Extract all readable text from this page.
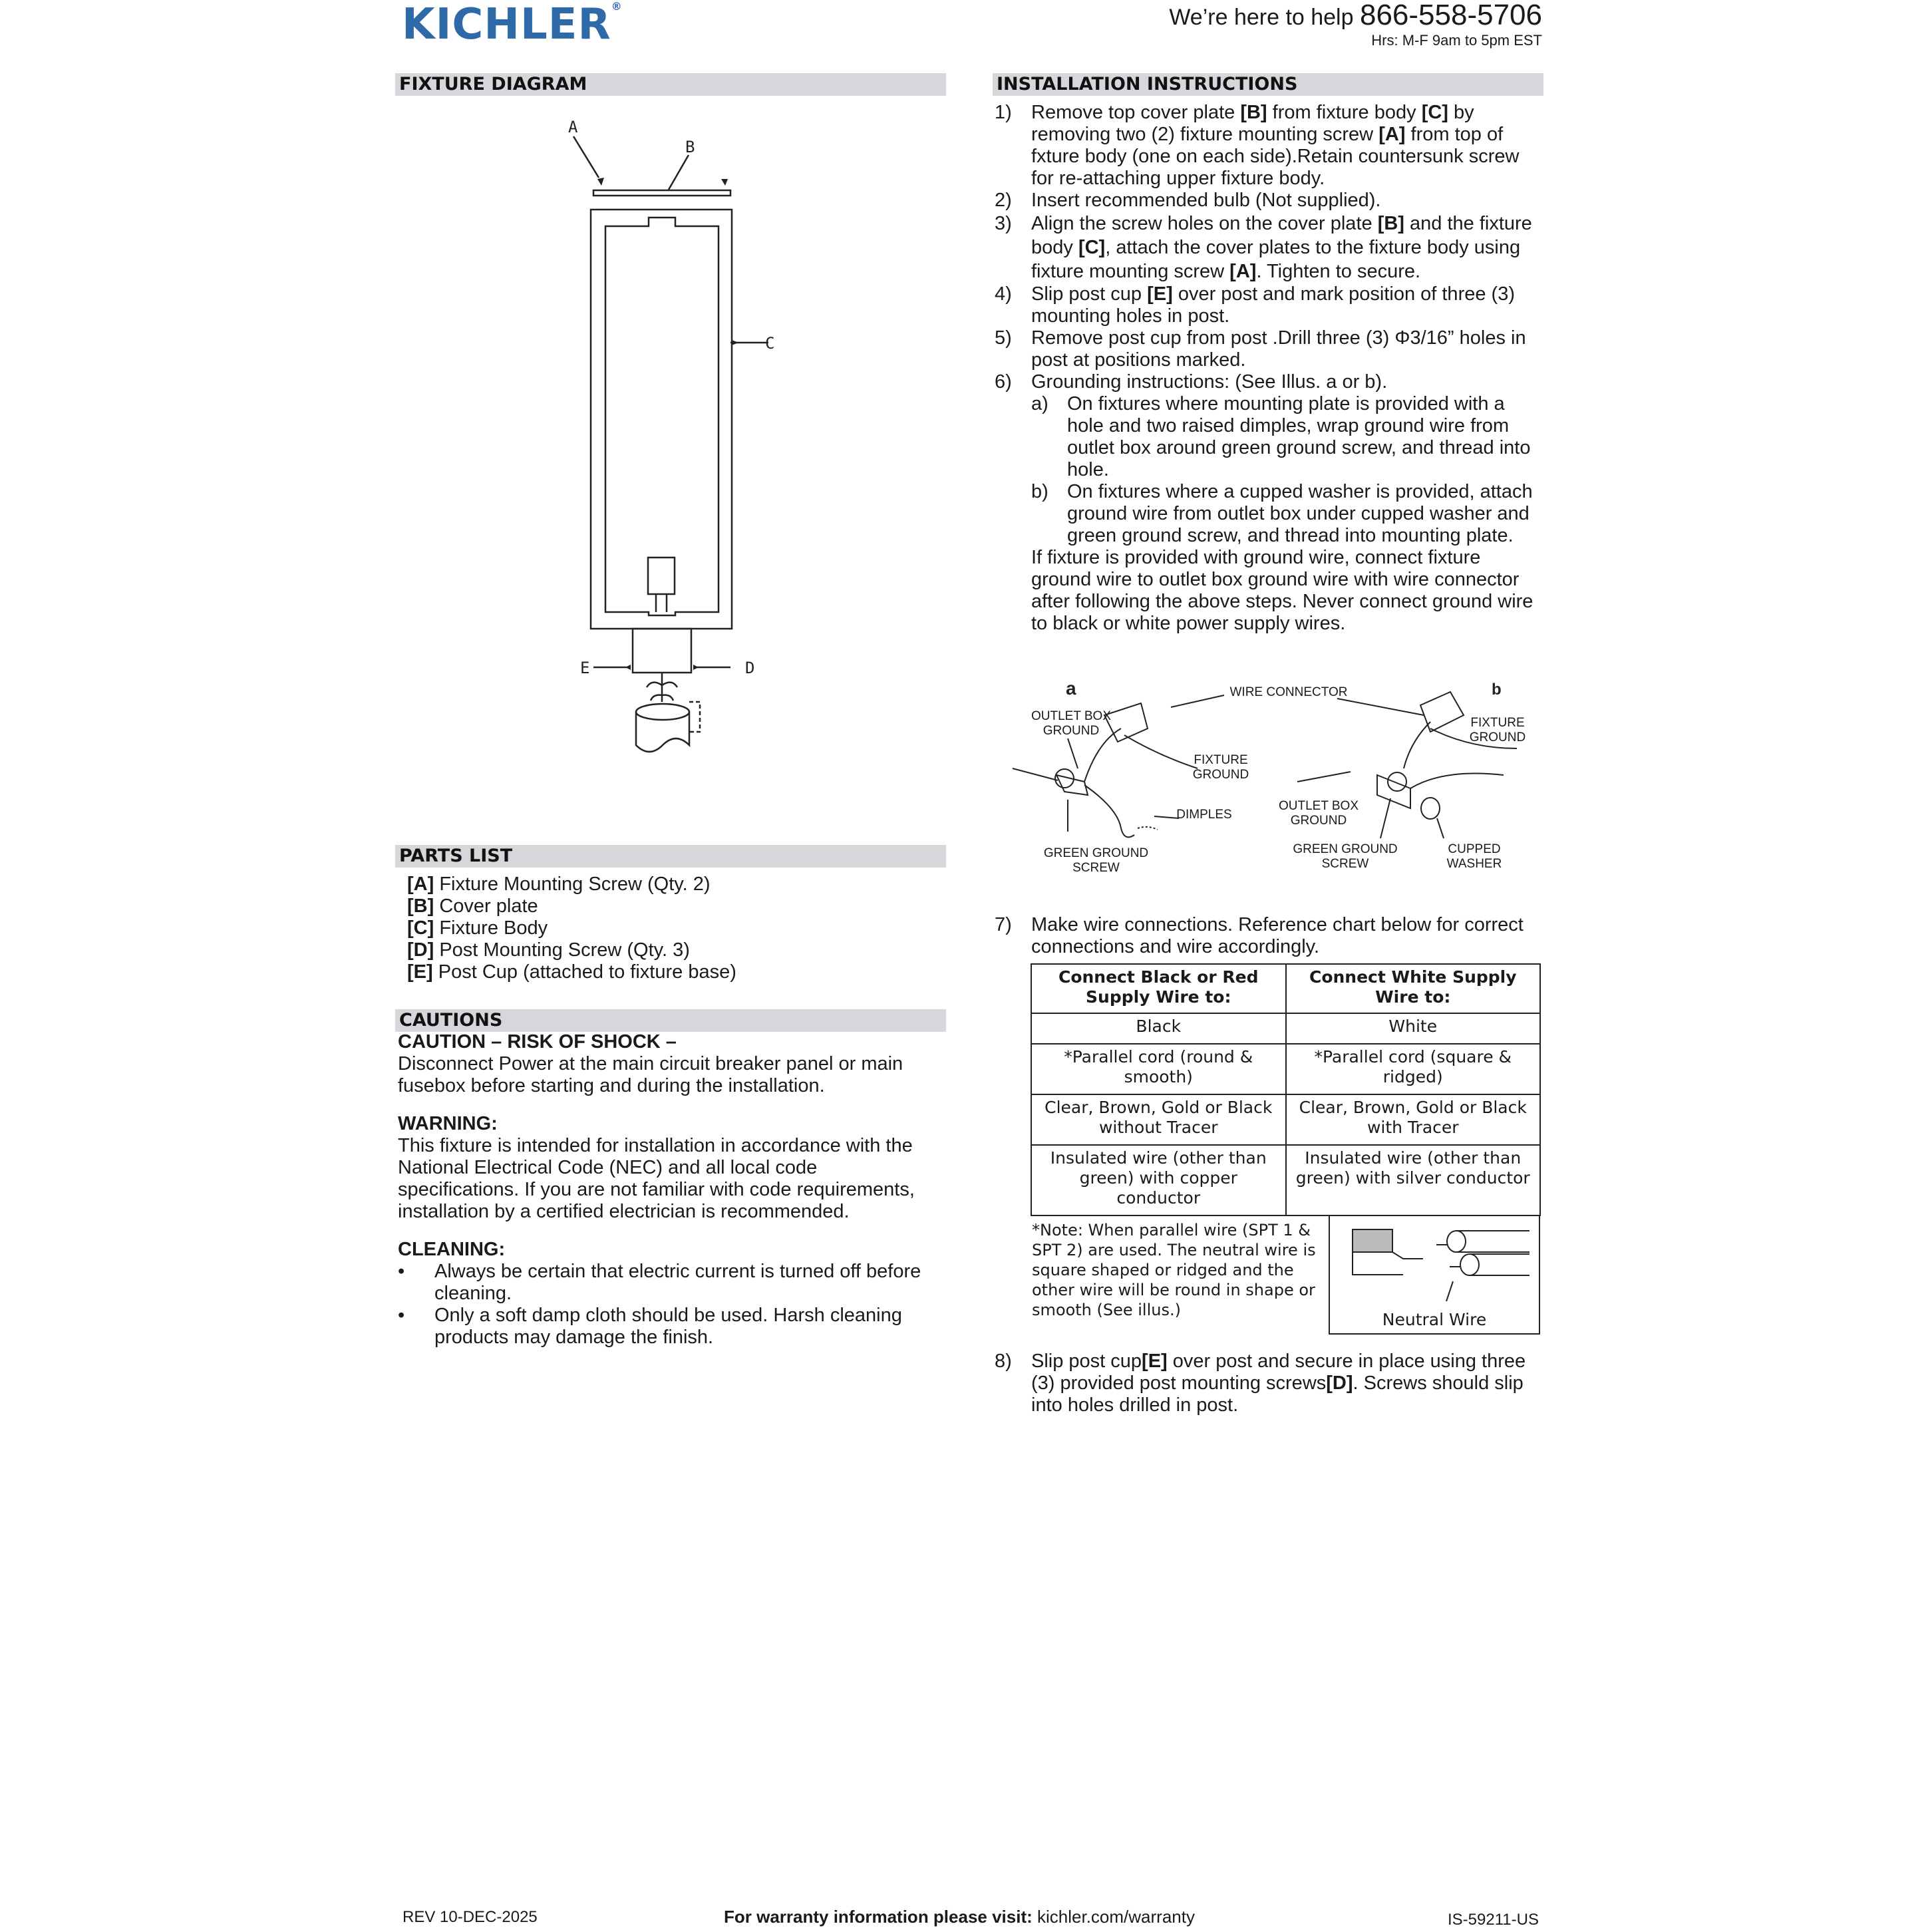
KICHLER®	We’re here to help 866-558-5706
Hrs: M-F 9am to 5pm EST
FIXTURE DIAGRAM
A
B
C
E	D
PARTS LIST
[A] Fixture Mounting Screw (Qty. 2)
[B] Cover plate
[C] Fixture Body
[D] Post Mounting Screw (Qty. 3)
[E] Post Cup (attached to fixture base)
CAUTIONS
CAUTION – RISK OF SHOCK –
Disconnect Power at the main circuit breaker panel or main fusebox before starting and during the installation.
WARNING:
This fixture is intended for installation in accordance with the National Electrical Code (NEC) and all local code specifications. If you are not familiar with code requirements, installation by a certified electrician is recommended.
CLEANING:
• Always be certain that electric current is turned off before cleaning.
• Only a soft damp cloth should be used. Harsh cleaning products may damage the finish.
INSTALLATION INSTRUCTIONS
1) Remove top cover plate [B] from fixture body [C] by removing two (2) fixture mounting screw [A] from top of fxture body (one on each side).Retain countersunk screw for re-attaching upper fixture body.
2) Insert recommended bulb (Not supplied).
3) Align the screw holes on the cover plate [B] and the fixture body [C], attach the cover plates to the fixture body using fixture mounting screw [A]. Tighten to secure.
4) Slip post cup [E] over post and mark position of three (3) mounting holes in post.
5) Remove post cup from post .Drill three (3) Φ3/16” holes in post at positions marked.
6) Grounding instructions: (See Illus. a or b).
a) On fixtures where mounting plate is provided with a hole and two raised dimples, wrap ground wire from outlet box around green ground screw, and thread into hole.
b) On fixtures where a cupped washer is provided, attach ground wire from outlet box under cupped washer and green ground screw, and thread into mounting plate.
If fixture is provided with ground wire, connect fixture ground wire to outlet box ground wire with wire connector after following the above steps. Never connect ground wire to black or white power supply wires.
a	b
WIRE CONNECTOR
OUTLET BOX GROUND
FIXTURE GROUND
DIMPLES
GREEN GROUND SCREW
FIXTURE GROUND
OUTLET BOX GROUND
GREEN GROUND SCREW
CUPPED WASHER
7) Make wire connections. Reference chart below for correct connections and wire accordingly.
Connect Black or Red Supply Wire to:	Connect White Supply Wire to:
Black	White
*Parallel cord (round & smooth)	*Parallel cord (square & ridged)
Clear, Brown, Gold or Black without Tracer	Clear, Brown, Gold or Black with Tracer
Insulated wire (other than green) with copper conductor	Insulated wire (other than green) with silver conductor
*Note: When parallel wire (SPT 1 & SPT 2) are used. The neutral wire is square shaped or ridged and the other wire will be round in shape or smooth (See illus.)	Neutral Wire
8) Slip post cup[E] over post and secure in place using three (3) provided post mounting screws[D]. Screws should slip into holes drilled in post.
REV 10-DEC-2025	For warranty information please visit: kichler.com/warranty	IS-59211-US
